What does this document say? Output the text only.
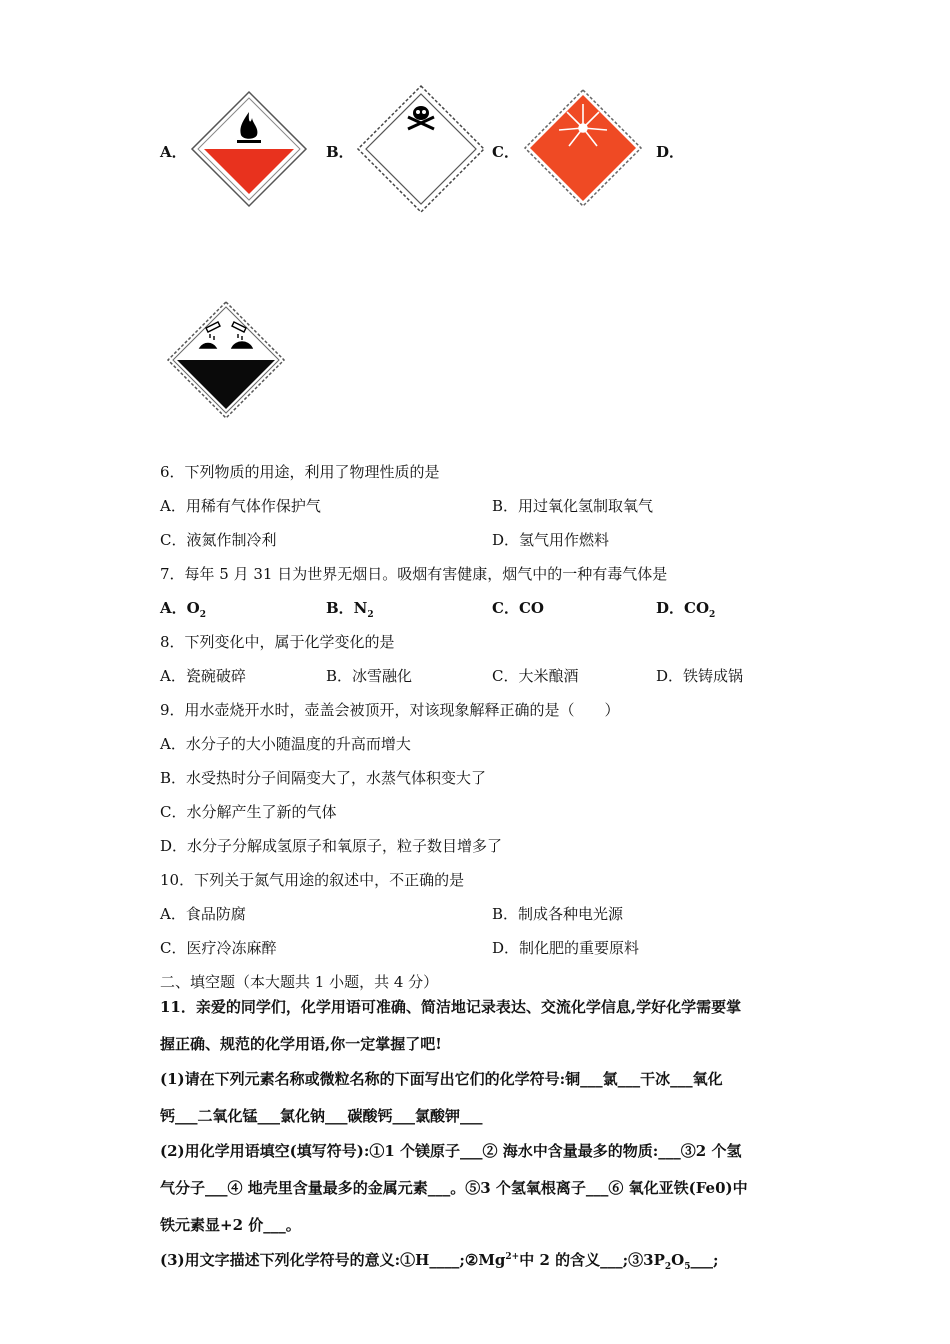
A．	B．	C．	D．
6．下列物质的用途，利用了物理性质的是
A．用稀有气体作保护气	B．用过氧化氢制取氧气
C．液氮作制冷利	D．氢气用作燃料
7．每年 5 月 31 日为世界无烟日。吸烟有害健康，烟气中的一种有毒气体是
A．$O_2$	B．$N_2$	C．CO	D．$CO_2$
8．下列变化中，属于化学变化的是
A．瓷碗破碎	B．冰雪融化	C．大米酿酒	D．铁铸成锅
9．用水壶烧开水时，壶盖会被顶开，对该现象解释正确的是（　　）
A．水分子的大小随温度的升高而增大
B．水受热时分子间隔变大了，水蒸气体积变大了
C．水分解产生了新的气体
D．水分子分解成氢原子和氧原子，粒子数目增多了
10．下列关于氮气用途的叙述中，不正确的是
A．食品防腐	B．制成各种电光源
C．医疗冷冻麻醉	D．制化肥的重要原料
二、填空题（本大题共 1 小题，共 4 分）
11．亲爱的同学们，化学用语可准确、简洁地记录表达、交流化学信息,学好化学需要掌
握正确、规范的化学用语,你一定掌握了吧!
(1)请在下列元素名称或微粒名称的下面写出它们的化学符号:铜___氯___干冰___氧化
钙___二氧化锰___氯化钠___碳酸钙___氯酸钾___
(2)用化学用语填空(填写符号):①1 个镁原子___② 海水中含量最多的物质:___③2 个氢
气分子___④ 地壳里含量最多的金属元素___。⑤3 个氢氧根离子___⑥ 氧化亚铁(Fe0)中
铁元素显+2 价___。
(3)用文字描述下列化学符号的意义$:①H\_\_\_\_;②Mg^{2+}$中 2 的含义$\_\_\_;③3P_2O_5\_\_\_$;
